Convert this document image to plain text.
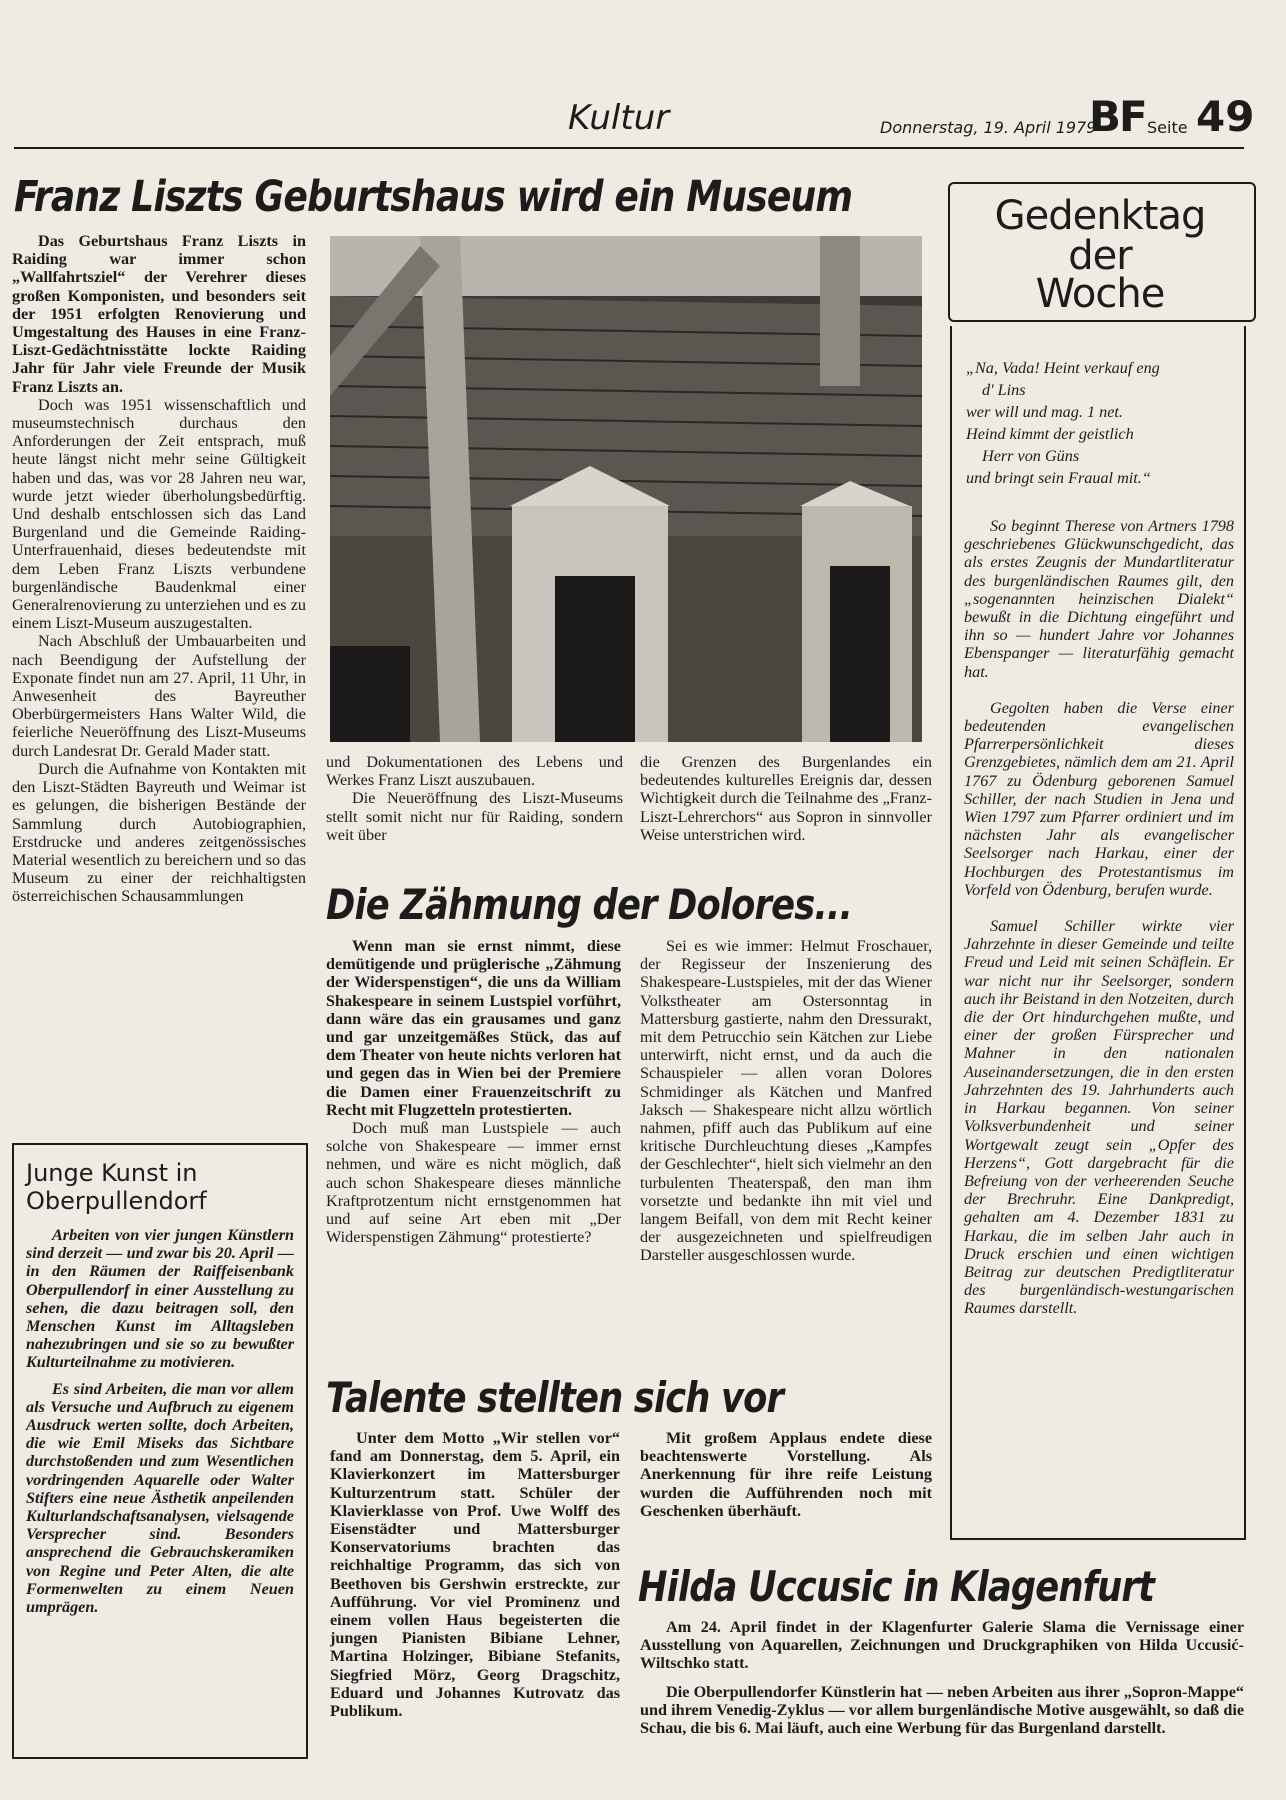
Kultur	Donnerstag, 19. April 1979
BF Seite 49
Franz Liszts Geburtshaus wird ein Museum

Das Geburtshaus Franz Liszts in Raiding war immer schon „Wallfahrtsziel“ der Verehrer dieses großen Komponisten, und besonders seit der 1951 erfolgten Renovierung und Umgestaltung des Hauses in eine Franz-Liszt-Gedächtnisstätte lockte Raiding Jahr für Jahr viele Freunde der Musik Franz Liszts an.

Doch was 1951 wissenschaftlich und museumstechnisch durchaus den Anforderungen der Zeit entsprach, muß heute längst nicht mehr seine Gültigkeit haben und das, was vor 28 Jahren neu war, wurde jetzt wieder überholungsbedürftig. Und deshalb entschlossen sich das Land Burgenland und die Gemeinde Raiding-Unterfrauenhaid, dieses bedeutendste mit dem Leben Franz Liszts verbundene burgenländische Baudenkmal einer Generalrenovierung zu unterziehen und es zu einem Liszt-Museum auszugestalten.

Nach Abschluß der Umbauarbeiten und nach Beendigung der Aufstellung der Exponate findet nun am 27. April, 11 Uhr, in Anwesenheit des Bayreuther Oberbürgermeisters Hans Walter Wild, die feierliche Neueröffnung des Liszt-Museums durch Landesrat Dr. Gerald Mader statt.

Durch die Aufnahme von Kontakten mit den Liszt-Städten Bayreuth und Weimar ist es gelungen, die bisherigen Bestände der Sammlung durch Autobiographien, Erstdrucke und anderes zeitgenössisches Material wesentlich zu bereichern und so das Museum zu einer der reichhaltigsten österreichischen Schausammlungen

und Dokumentationen des Lebens und Werkes Franz Liszt auszubauen.

Die Neueröffnung des Liszt-Museums stellt somit nicht nur für Raiding, sondern weit über

die Grenzen des Burgenlandes ein bedeutendes kulturelles Ereignis dar, dessen Wichtigkeit durch die Teilnahme des „Franz-Liszt-Lehrerchors“ aus Sopron in sinnvoller Weise unterstrichen wird.

Die Zähmung der Dolores...

Wenn man sie ernst nimmt, diese demütigende und prüglerische „Zähmung der Widerspenstigen“, die uns da William Shakespeare in seinem Lustspiel vorführt, dann wäre das ein grausames und ganz und gar unzeitgemäßes Stück, das auf dem Theater von heute nichts verloren hat und gegen das in Wien bei der Premiere die Damen einer Frauenzeitschrift zu Recht mit Flugzetteln protestierten.

Doch muß man Lustspiele — auch solche von Shakespeare — immer ernst nehmen, und wäre es nicht möglich, daß auch schon Shakespeare dieses männliche Kraftprotzentum nicht ernstgenommen hat und auf seine Art eben mit „Der Widerspenstigen Zähmung“ protestierte?

Sei es wie immer: Helmut Froschauer, der Regisseur der Inszenierung des Shakespeare-Lustspieles, mit der das Wiener Volkstheater am Ostersonntag in Mattersburg gastierte, nahm den Dressurakt, mit dem Petrucchio sein Kätchen zur Liebe unterwirft, nicht ernst, und da auch die Schauspieler — allen voran Dolores Schmidinger als Kätchen und Manfred Jaksch — Shakespeare nicht allzu wörtlich nahmen, pfiff auch das Publikum auf eine kritische Durchleuchtung dieses „Kampfes der Geschlechter“, hielt sich vielmehr an den turbulenten Theaterspaß, den man ihm vorsetzte und bedankte ihn mit viel und langem Beifall, von dem mit Recht keiner der ausgezeichneten und spielfreudigen Darsteller ausgeschlossen wurde.

Talente stellten sich vor

Unter dem Motto „Wir stellen vor“ fand am Donnerstag, dem 5. April, ein Klavierkonzert im Mattersburger Kulturzentrum statt. Schüler der Klavierklasse von Prof. Uwe Wolff des Eisenstädter und Mattersburger Konservatoriums brachten das reichhaltige Programm, das sich von Beethoven bis Gershwin erstreckte, zur Aufführung. Vor viel Prominenz und einem vollen Haus begeisterten die jungen Pianisten Bibiane Lehner, Martina Holzinger, Bibiane Stefanits, Siegfried Mörz, Georg Dragschitz, Eduard und Johannes Kutrovatz das Publikum.

Mit großem Applaus endete diese beachtenswerte Vorstellung. Als Anerkennung für ihre reife Leistung wurden die Aufführenden noch mit Geschenken überhäuft.

Hilda Uccusic in Klagenfurt

Am 24. April findet in der Klagenfurter Galerie Slama die Vernissage einer Ausstellung von Aquarellen, Zeichnungen und Druckgraphiken von Hilda Uccusić-Wiltschko statt.

Die Oberpullendorfer Künstlerin hat — neben Arbeiten aus ihrer „Sopron-Mappe“ und ihrem Venedig-Zyklus — vor allem burgenländische Motive ausgewählt, so daß die Schau, die bis 6. Mai läuft, auch eine Werbung für das Burgenland darstellt.

Junge Kunst in
Oberpullendorf

Arbeiten von vier jungen Künstlern sind derzeit — und zwar bis 20. April — in den Räumen der Raiffeisenbank Oberpullendorf in einer Ausstellung zu sehen, die dazu beitragen soll, den Menschen Kunst im Alltagsleben nahezubringen und sie so zu bewußter Kulturteilnahme zu motivieren.

Es sind Arbeiten, die man vor allem als Versuche und Aufbruch zu eigenem Ausdruck werten sollte, doch Arbeiten, die wie Emil Miseks das Sichtbare durchstoßenden und zum Wesentlichen vordringenden Aquarelle oder Walter Stifters eine neue Ästhetik anpeilenden Kulturlandschaftsanalysen, vielsagende Versprecher sind. Besonders ansprechend die Gebrauchskeramiken von Regine und Peter Alten, die alte Formenwelten zu einem Neuen umprägen.

Gedenktag
der
Woche

„Na, Vada! Heint verkauf eng

d' Lins

wer will und mag. 1 net.

Heind kimmt der geistlich

Herr von Güns

und bringt sein Fraual mit.“

So beginnt Therese von Artners 1798 geschriebenes Glückwunschgedicht, das als erstes Zeugnis der Mundartliteratur des burgenländischen Raumes gilt, den „sogenannten heinzischen Dialekt“ bewußt in die Dichtung eingeführt und ihn so — hundert Jahre vor Johannes Ebenspanger — literaturfähig gemacht hat.

Gegolten haben die Verse einer bedeutenden evangelischen Pfarrerpersönlichkeit dieses Grenzgebietes, nämlich dem am 21. April 1767 zu Ödenburg geborenen Samuel Schiller, der nach Studien in Jena und Wien 1797 zum Pfarrer ordiniert und im nächsten Jahr als evangelischer Seelsorger nach Harkau, einer der Hochburgen des Protestantismus im Vorfeld von Ödenburg, berufen wurde.

Samuel Schiller wirkte vier Jahrzehnte in dieser Gemeinde und teilte Freud und Leid mit seinen Schäflein. Er war nicht nur ihr Seelsorger, sondern auch ihr Beistand in den Notzeiten, durch die der Ort hindurchgehen mußte, und einer der großen Fürsprecher und Mahner in den nationalen Auseinandersetzungen, die in den ersten Jahrzehnten des 19. Jahrhunderts auch in Harkau begannen. Von seiner Volksverbundenheit und seiner Wortgewalt zeugt sein „Opfer des Herzens“, Gott dargebracht für die Befreiung von der verheerenden Seuche der Brechruhr. Eine Dankpredigt, gehalten am 4. Dezember 1831 zu Harkau, die im selben Jahr auch in Druck erschien und einen wichtigen Beitrag zur deutschen Predigtliteratur des burgenländisch-westungarischen Raumes darstellt.
